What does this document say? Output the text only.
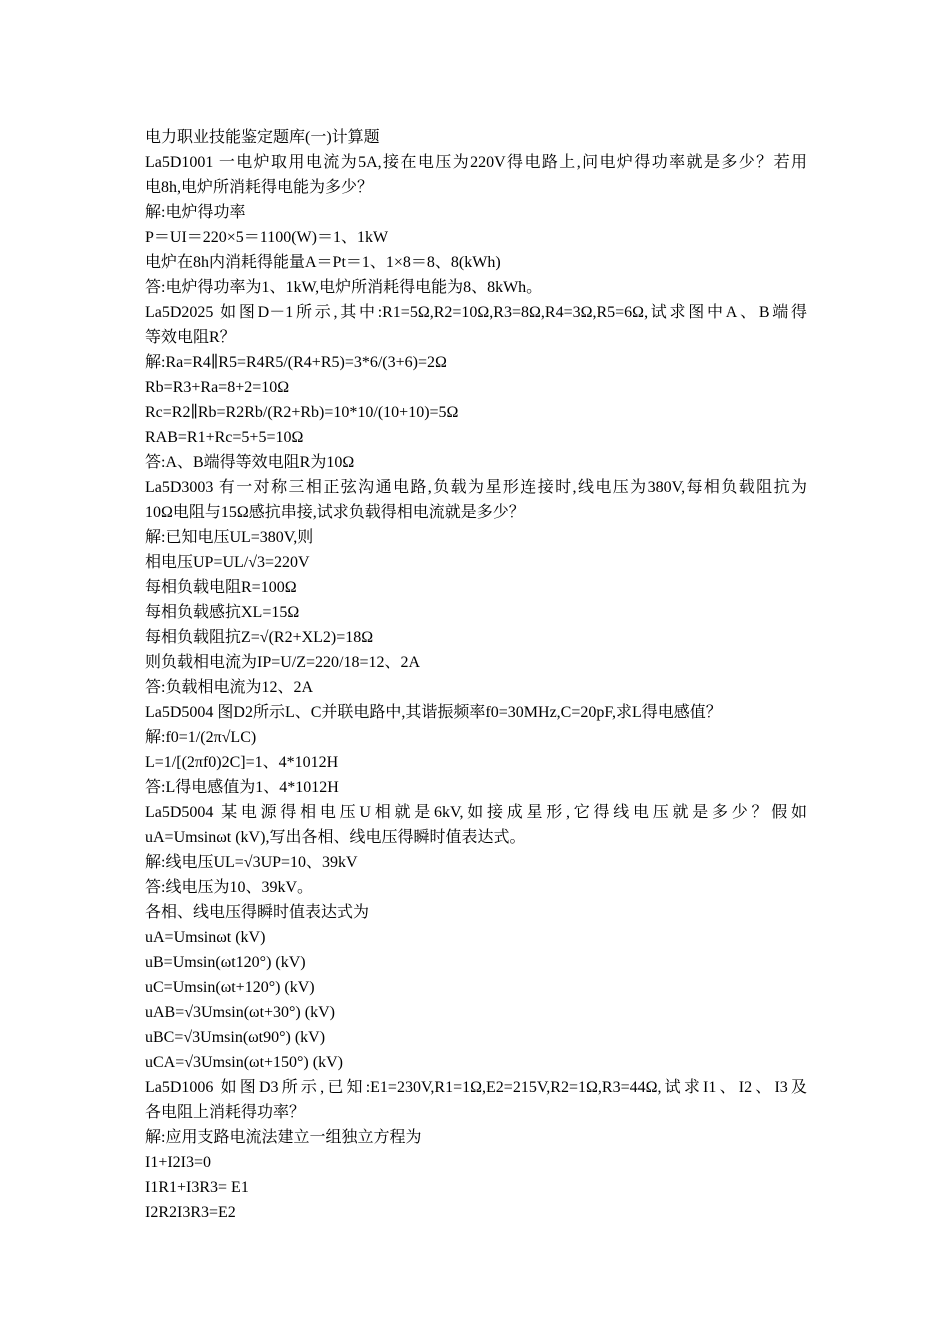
电力职业技能鉴定题库(一)计算题
La5D1001 一电炉取用电流为5A,接在电压为220V得电路上,问电炉得功率就是多少？若用
电8h,电炉所消耗得电能为多少？
解:电炉得功率
P＝UI＝220×5＝1100(W)＝1、1kW
电炉在8h内消耗得能量A＝Pt＝1、1×8＝8、8(kWh)
答:电炉得功率为1、1kW,电炉所消耗得电能为8、8kWh。
La5D2025 如图D－1所示,其中:R1=5Ω,R2=10Ω,R3=8Ω,R4=3Ω,R5=6Ω,试求图中A、B端得
等效电阻R？
解:Ra=R4∥R5=R4R5/(R4+R5)=3*6/(3+6)=2Ω
Rb=R3+Ra=8+2=10Ω
Rc=R2∥Rb=R2Rb/(R2+Rb)=10*10/(10+10)=5Ω
RAB=R1+Rc=5+5=10Ω
答:A、B端得等效电阻R为10Ω
La5D3003 有一对称三相正弦沟通电路,负载为星形连接时,线电压为380V,每相负载阻抗为
10Ω电阻与15Ω感抗串接,试求负载得相电流就是多少？
解:已知电压UL=380V,则
相电压UP=UL/√3=220V
每相负载电阻R=100Ω
每相负载感抗XL=15Ω
每相负载阻抗Z=√(R2+XL2)=18Ω
则负载相电流为IP=U/Z=220/18=12、2A
答:负载相电流为12、2A
La5D5004 图D2所示L、C并联电路中,其谐振频率f0=30MHz,C=20pF,求L得电感值？
解:f0=1/(2π√LC)
L=1/[(2πf0)2C]=1、4*1012H
答:L得电感值为1、4*1012H
La5D5004 某电源得相电压U相就是6kV,如接成星形,它得线电压就是多少？假如
uA=Umsinωt (kV),写出各相、线电压得瞬时值表达式。
解:线电压UL=√3UP=10、39kV
答:线电压为10、39kV。
各相、线电压得瞬时值表达式为
uA=Umsinωt (kV)
uB=Umsin(ωt120°) (kV)
uC=Umsin(ωt+120°) (kV)
uAB=√3Umsin(ωt+30°) (kV)
uBC=√3Umsin(ωt90°) (kV)
uCA=√3Umsin(ωt+150°) (kV)
La5D1006 如图D3所示,已知:E1=230V,R1=1Ω,E2=215V,R2=1Ω,R3=44Ω,试求I1、I2、I3及
各电阻上消耗得功率？
解:应用支路电流法建立一组独立方程为
I1+I2I3=0
I1R1+I3R3= E1
I2R2I3R3=E2
